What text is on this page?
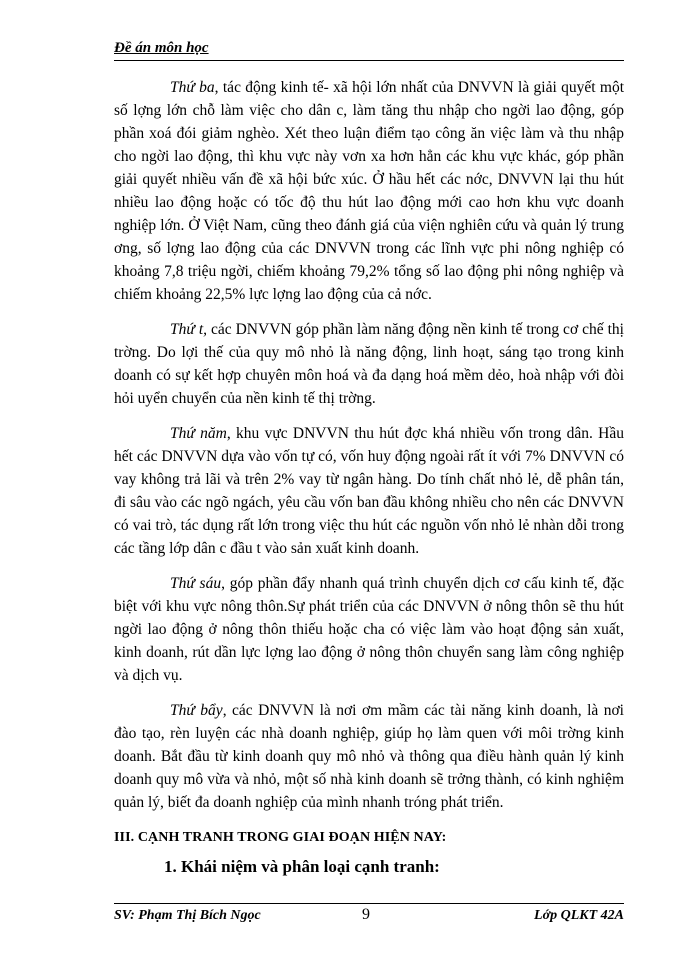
Đề án môn học

Thứ ba, tác động kinh tế- xã hội lớn nhất của DNVVN là giải quyết một số lợng lớn chỗ làm việc cho dân c, làm tăng thu nhập cho ngời lao động, góp phần xoá đói giảm nghèo. Xét theo luận điểm tạo công ăn việc làm và thu nhập cho ngời lao động, thì khu vực này vơn xa hơn hẳn các khu vực khác, góp phần giải quyết nhiều vấn đề xã hội bức xúc. Ở hầu hết các nớc, DNVVN lại thu hút nhiều lao động hoặc có tốc độ thu hút lao động mới cao hơn khu vực doanh nghiệp lớn. Ở Việt Nam, cũng theo đánh giá của viện nghiên cứu và quản lý trung ơng, số lợng lao động của các DNVVN trong các lĩnh vực phi nông nghiệp có khoảng 7,8 triệu ngời, chiếm khoảng 79,2% tổng số lao động phi nông nghiệp và chiếm khoảng 22,5% lực lợng lao động của cả nớc.

Thứ t, các DNVVN góp phần làm năng động nền kinh tế trong cơ chế thị trờng. Do lợi thế của quy mô nhỏ là năng động, linh hoạt, sáng tạo trong kinh doanh có sự kết hợp chuyên môn hoá và đa dạng hoá mềm dẻo, hoà nhập với đòi hỏi uyển chuyển của nền kinh tế thị trờng.

Thứ năm, khu vực DNVVN thu hút đợc khá nhiều vốn trong dân. Hầu hết các DNVVN dựa vào vốn tự có, vốn huy động ngoài rất ít với 7% DNVVN có vay không trả lãi và trên 2% vay từ ngân hàng. Do tính chất nhỏ lẻ, dễ phân tán, đi sâu vào các ngõ ngách, yêu cầu vốn ban đầu không nhiều cho nên các DNVVN có vai trò, tác dụng rất lớn trong việc thu hút các nguồn vốn nhỏ lẻ nhàn dỗi trong các tầng lớp dân c đầu t vào sản xuất kinh doanh.

Thứ sáu, góp phần đẩy nhanh quá trình chuyển dịch cơ cấu kinh tế, đặc biệt với khu vực nông thôn.Sự phát triển của các DNVVN ở nông thôn sẽ thu hút ngời lao động ở nông thôn thiếu hoặc cha có việc làm vào hoạt động sản xuất, kinh doanh, rút dần lực lợng lao động ở nông thôn chuyển sang làm công nghiệp và dịch vụ.

Thứ bẩy, các DNVVN là nơi ơm mầm các tài năng kinh doanh, là nơi đào tạo, rèn luyện các nhà doanh nghiệp, giúp họ làm quen với môi trờng kinh doanh. Bắt đầu từ kinh doanh quy mô nhỏ và thông qua điều hành quản lý kinh doanh quy mô vừa và nhỏ, một số nhà kinh doanh sẽ trởng thành, có kinh nghiệm quản lý, biết đa doanh nghiệp của mình nhanh tróng phát triển.

III. CẠNH TRANH TRONG GIAI ĐOẠN HIỆN NAY:

1. Khái niệm và phân loại cạnh tranh:

SV: Phạm Thị Bích Ngọc	9	Lớp QLKT 42A
